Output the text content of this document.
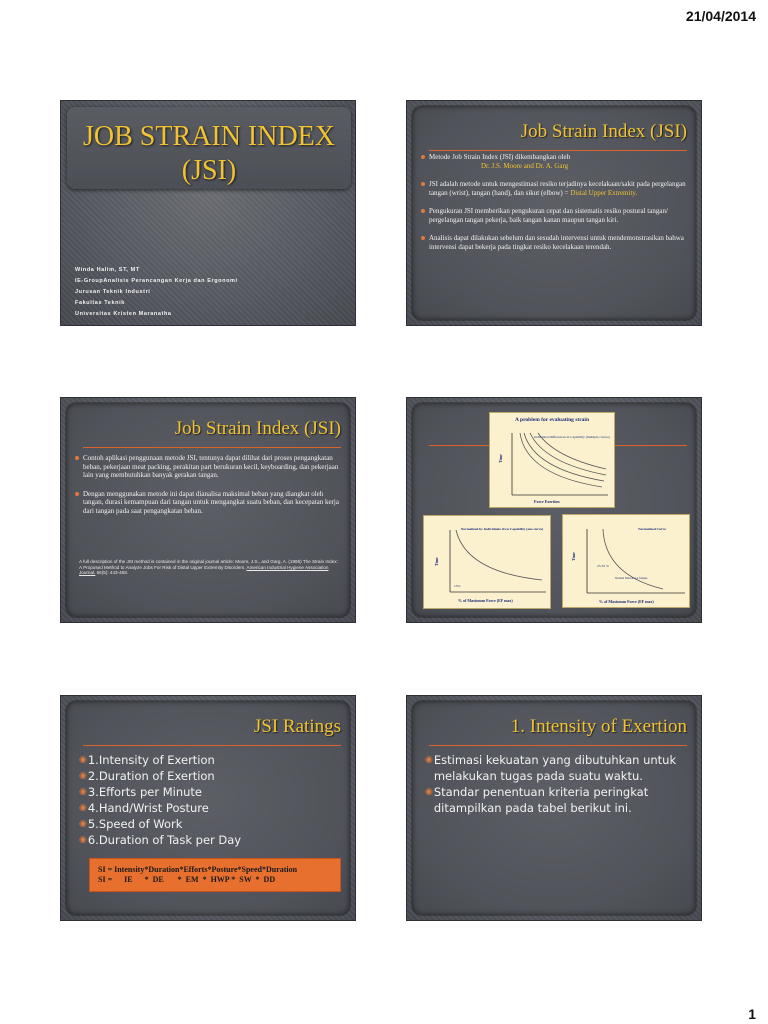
21/04/2014
JOB STRAIN INDEX
(JSI)
Winda Halim, ST, MT
IE-GroupAnalisis Perancangan Kerja dan Ergonomi
Jurusan Teknik Industri
Fakultas Teknik
Universitas Kristen Maranatha
Job Strain Index (JSI)
Metode Job Strain Index (JSI) dikembangkan oleh
Dr. J.S. Moore and Dr. A. Garg
JSI adalah metode untuk mengestimasi resiko terjadinya kecelakaan/sakit pada pergelangan tangan (wrist), tangan (hand), dan sikut (elbow) = Distal Upper Extremity.
Pengukuran JSI memberikan pengukuran cepat dan sistematis resiko postural tangan/ pergelangan tangan pekerja, baik tangan kanan maupun tangan kiri.
Analisis dapat dilakukan sebelum dan sesudah intervensi untuk mendemonstrasikan bahwa intervensi dapat bekerja pada tingkat resiko kecelakaan terendah.
Job Strain Index (JSI)
Contoh aplikasi penggunaan metode JSI, tentunya dapat dilihat dari proses pengangkatan beban, pekerjaan meat packing, perakitan part berukuran kecil, keyboarding, dan pekerjaan lain yang membutuhkan banyak gerakan tangan.
Dengan menggunakan metode ini dapat dianalisa maksimal beban yang diangkat oleh tangan, durasi kemampuan dari tangan untuk mengangkat suatu beban, dan kecepatan kerja dari tangan pada saat pengangkatan beban.
A full description of the JSI method is contained in the original journal article: Moore, J.S., and Garg, A. (1995) The Strain Index: A Proposed Method to Analyze Jobs For Risk of Distal Upper Extremity Disorders. American Industrial Hygiene Association Journal, 56(5): 443-458.
A problem for evaluating strain
Individual Differences in Capability (multiple curves)
Time
Force Exertion
Normalized by Individuals Own Capability (one curve)
Time
15%
% of Maximum Force (EF max)
Normalized Curve
Time
25-35 %
Normal Muscle not fatigue
% of Maximum Force (EF max)
JSI Ratings
◉ 1.Intensity of Exertion
◉ 2.Duration of Exertion
◉ 3.Efforts per Minute
◉ 4.Hand/Wrist Posture
◉ 5.Speed of Work
◉ 6.Duration of Task per Day
SI = Intensity*Duration*Efforts*Posture*Speed*Duration
SI =      IE      *  DE       *  EM  *  HWP *  SW  *  DD
1. Intensity of Exertion
◉ Estimasi kekuatan yang dibutuhkan untuk melakukan tugas pada suatu waktu.
◉ Standar penentuan kriteria peringkat ditampilkan pada tabel berikut ini.
1
